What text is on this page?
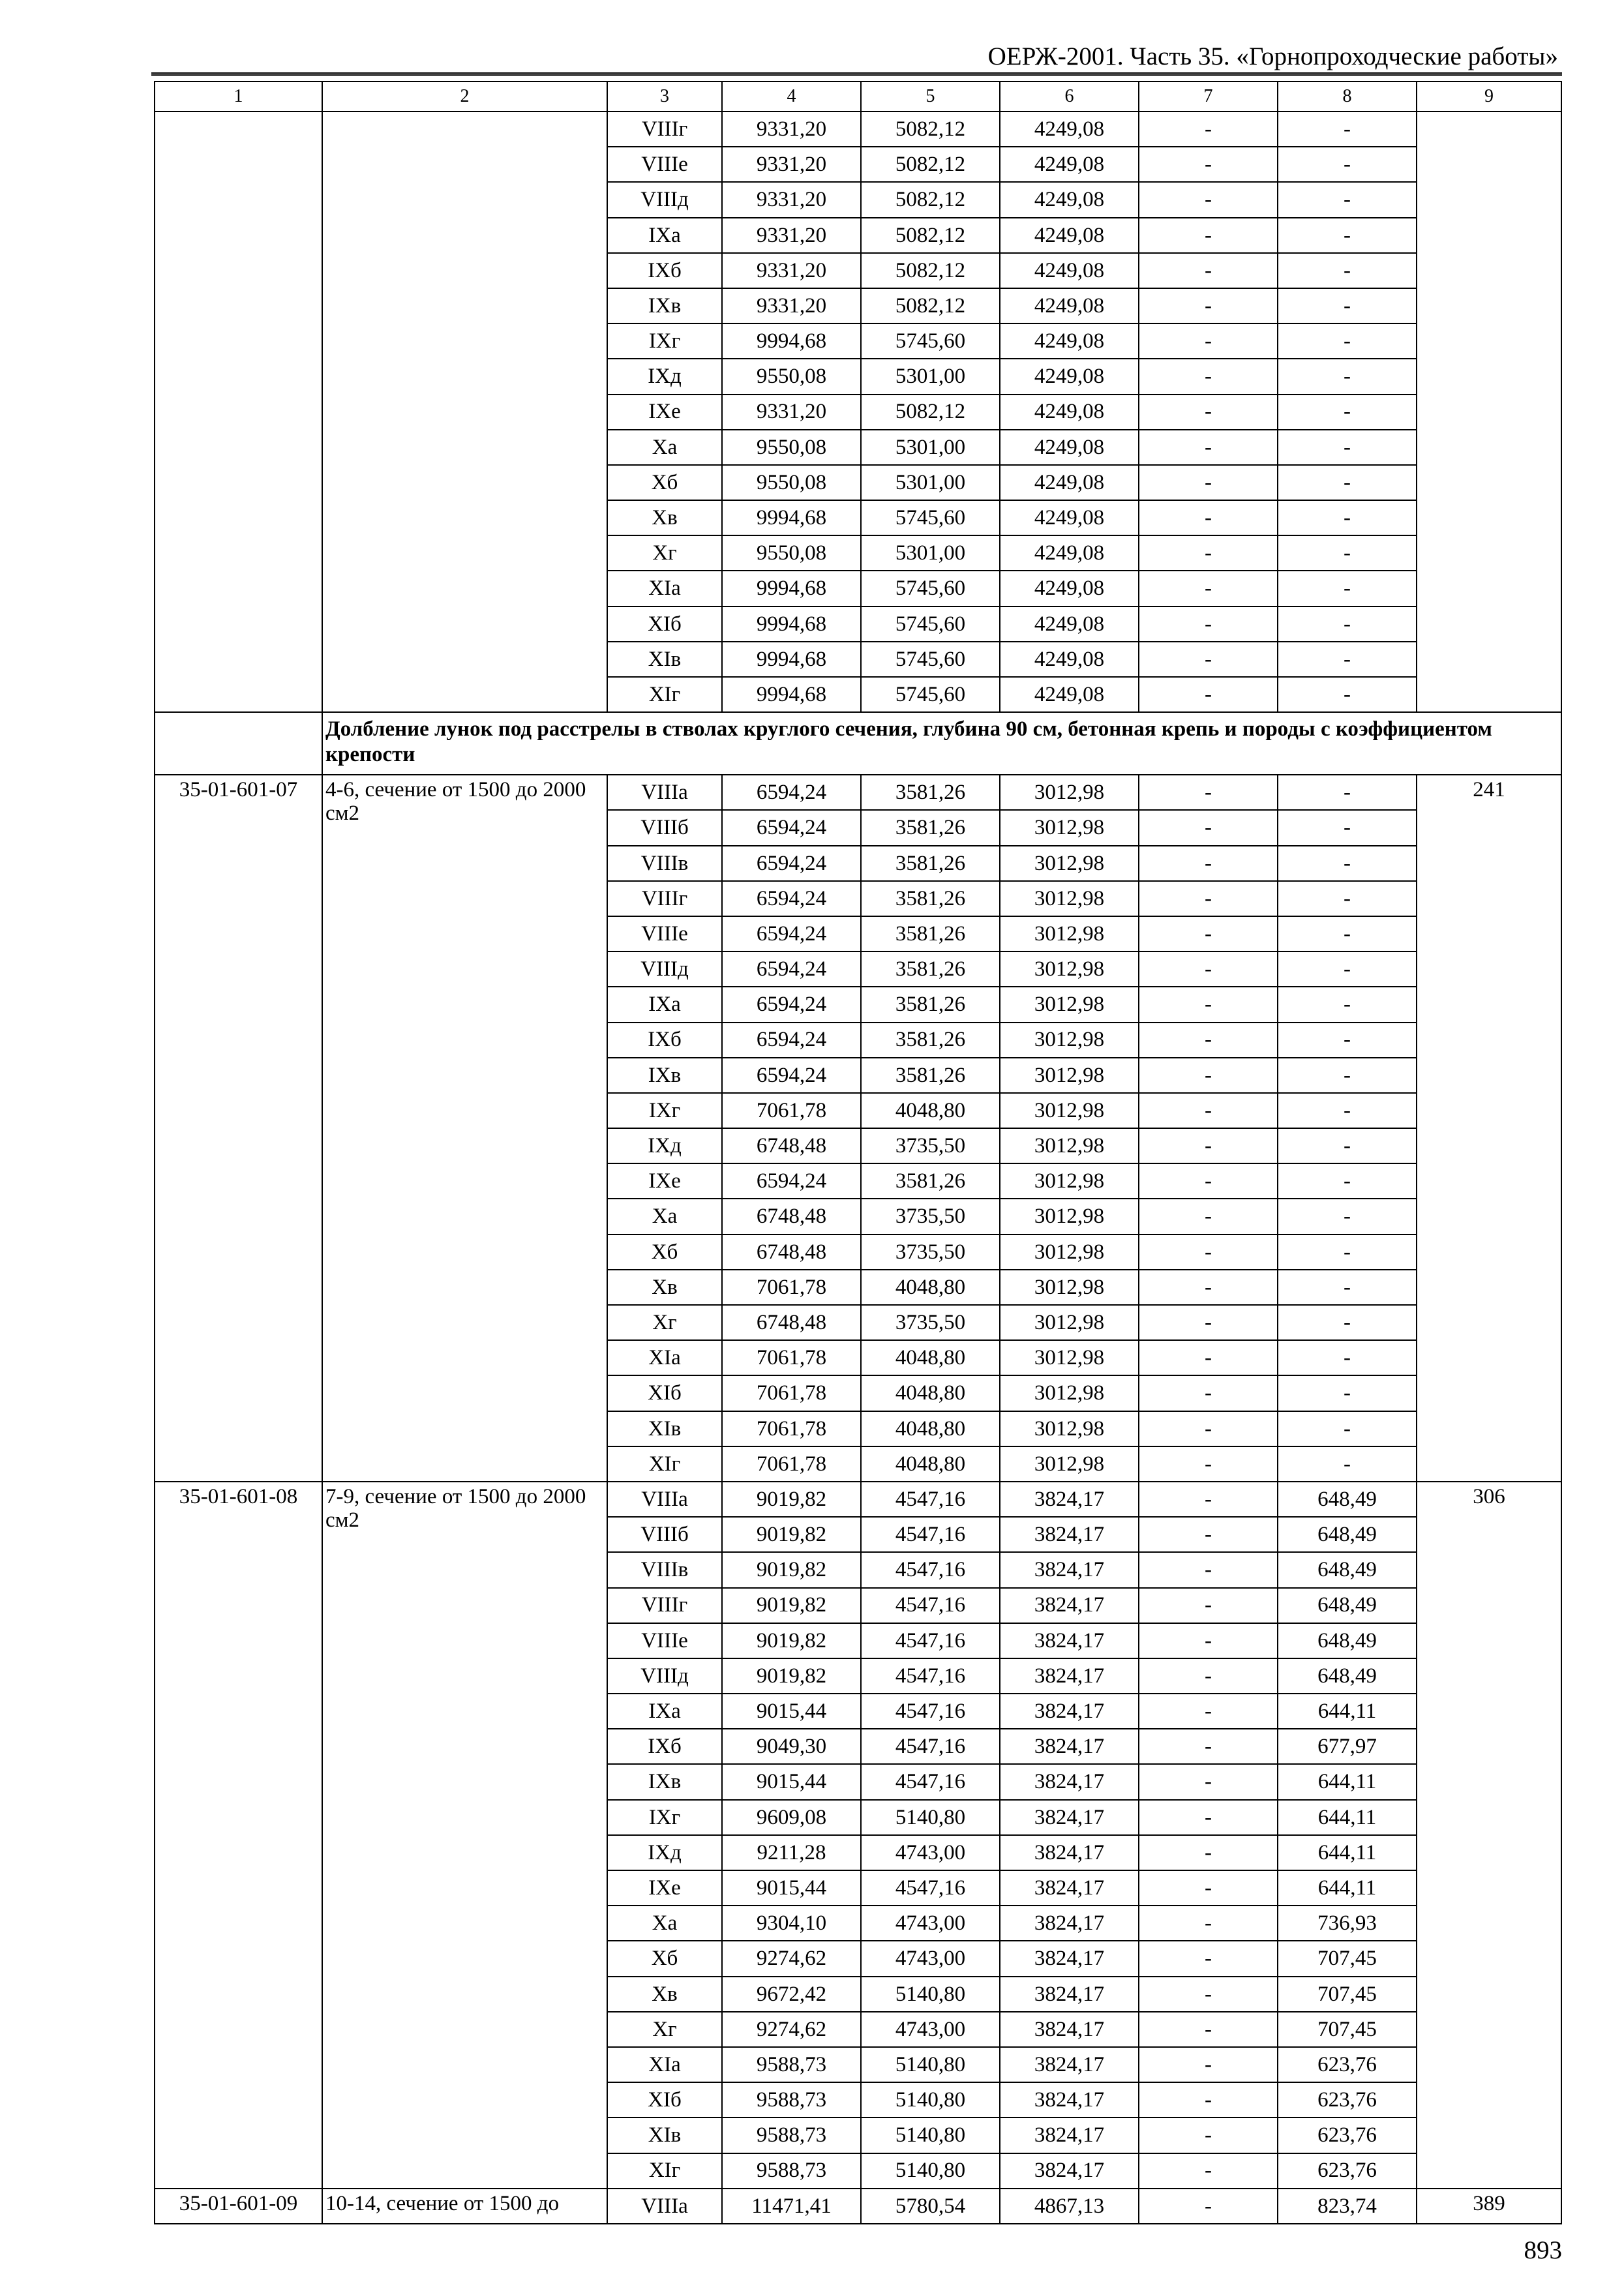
ОЕРЖ-2001. Часть 35. «Горнопроходческие работы»
1	2	3	4	5	6	7	8	9
		VIIIг	9331,20	5082,12	4249,08	-	-	
		VIIIе	9331,20	5082,12	4249,08	-	-	
		VIIIд	9331,20	5082,12	4249,08	-	-	
		IXа	9331,20	5082,12	4249,08	-	-	
		IXб	9331,20	5082,12	4249,08	-	-	
		IXв	9331,20	5082,12	4249,08	-	-	
		IXг	9994,68	5745,60	4249,08	-	-	
		IXд	9550,08	5301,00	4249,08	-	-	
		IXе	9331,20	5082,12	4249,08	-	-	
		Xа	9550,08	5301,00	4249,08	-	-	
		Xб	9550,08	5301,00	4249,08	-	-	
		Xв	9994,68	5745,60	4249,08	-	-	
		Xг	9550,08	5301,00	4249,08	-	-	
		XIа	9994,68	5745,60	4249,08	-	-	
		XIб	9994,68	5745,60	4249,08	-	-	
		XIв	9994,68	5745,60	4249,08	-	-	
		XIг	9994,68	5745,60	4249,08	-	-	
	Долбление лунок под расстрелы в стволах круглого сечения, глубина 90 см, бетонная крепь и породы с коэффициентом крепости							
35-01-601-07	4-6, сечение от 1500 до 2000 см2	VIIIа	6594,24	3581,26	3012,98	-	-	241
		VIIIб	6594,24	3581,26	3012,98	-	-	
		VIIIв	6594,24	3581,26	3012,98	-	-	
		VIIIг	6594,24	3581,26	3012,98	-	-	
		VIIIе	6594,24	3581,26	3012,98	-	-	
		VIIIд	6594,24	3581,26	3012,98	-	-	
		IXа	6594,24	3581,26	3012,98	-	-	
		IXб	6594,24	3581,26	3012,98	-	-	
		IXв	6594,24	3581,26	3012,98	-	-	
		IXг	7061,78	4048,80	3012,98	-	-	
		IXд	6748,48	3735,50	3012,98	-	-	
		IXе	6594,24	3581,26	3012,98	-	-	
		Xа	6748,48	3735,50	3012,98	-	-	
		Xб	6748,48	3735,50	3012,98	-	-	
		Xв	7061,78	4048,80	3012,98	-	-	
		Xг	6748,48	3735,50	3012,98	-	-	
		XIа	7061,78	4048,80	3012,98	-	-	
		XIб	7061,78	4048,80	3012,98	-	-	
		XIв	7061,78	4048,80	3012,98	-	-	
		XIг	7061,78	4048,80	3012,98	-	-	
35-01-601-08	7-9, сечение от 1500 до 2000 см2	VIIIа	9019,82	4547,16	3824,17	-	648,49	306
		VIIIб	9019,82	4547,16	3824,17	-	648,49	
		VIIIв	9019,82	4547,16	3824,17	-	648,49	
		VIIIг	9019,82	4547,16	3824,17	-	648,49	
		VIIIе	9019,82	4547,16	3824,17	-	648,49	
		VIIIд	9019,82	4547,16	3824,17	-	648,49	
		IXа	9015,44	4547,16	3824,17	-	644,11	
		IXб	9049,30	4547,16	3824,17	-	677,97	
		IXв	9015,44	4547,16	3824,17	-	644,11	
		IXг	9609,08	5140,80	3824,17	-	644,11	
		IXд	9211,28	4743,00	3824,17	-	644,11	
		IXе	9015,44	4547,16	3824,17	-	644,11	
		Xа	9304,10	4743,00	3824,17	-	736,93	
		Xб	9274,62	4743,00	3824,17	-	707,45	
		Xв	9672,42	5140,80	3824,17	-	707,45	
		Xг	9274,62	4743,00	3824,17	-	707,45	
		XIа	9588,73	5140,80	3824,17	-	623,76	
		XIб	9588,73	5140,80	3824,17	-	623,76	
		XIв	9588,73	5140,80	3824,17	-	623,76	
		XIг	9588,73	5140,80	3824,17	-	623,76	
35-01-601-09	10-14, сечение от 1500 до	VIIIа	11471,41	5780,54	4867,13	-	823,74	389
893
